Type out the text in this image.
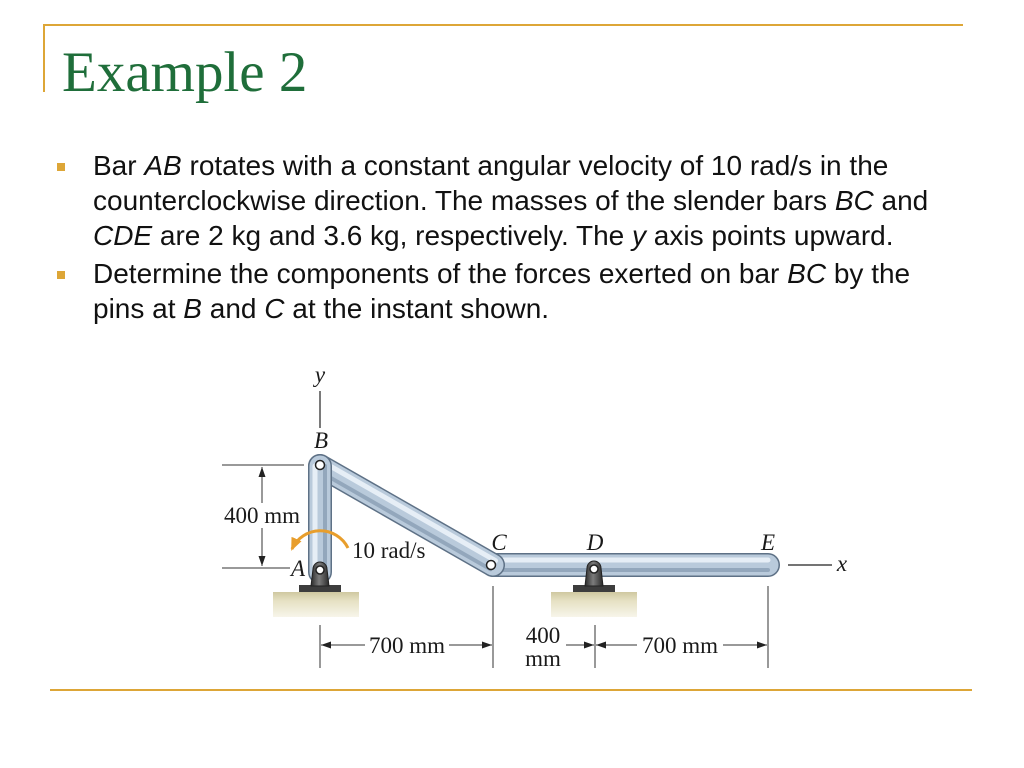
Example 2
Bar AB rotates with a constant angular velocity of 10 rad/s in the
counterclockwise direction. The masses of the slender bars BC and
CDE are 2 kg and 3.6 kg, respectively. The y axis points upward.
Determine the components of the forces exerted on bar BC by the
pins at B and C at the instant shown.
y
B
400 mm
10 rad/s
A
C	D	E
x
700 mm	400
mm
700 mm
